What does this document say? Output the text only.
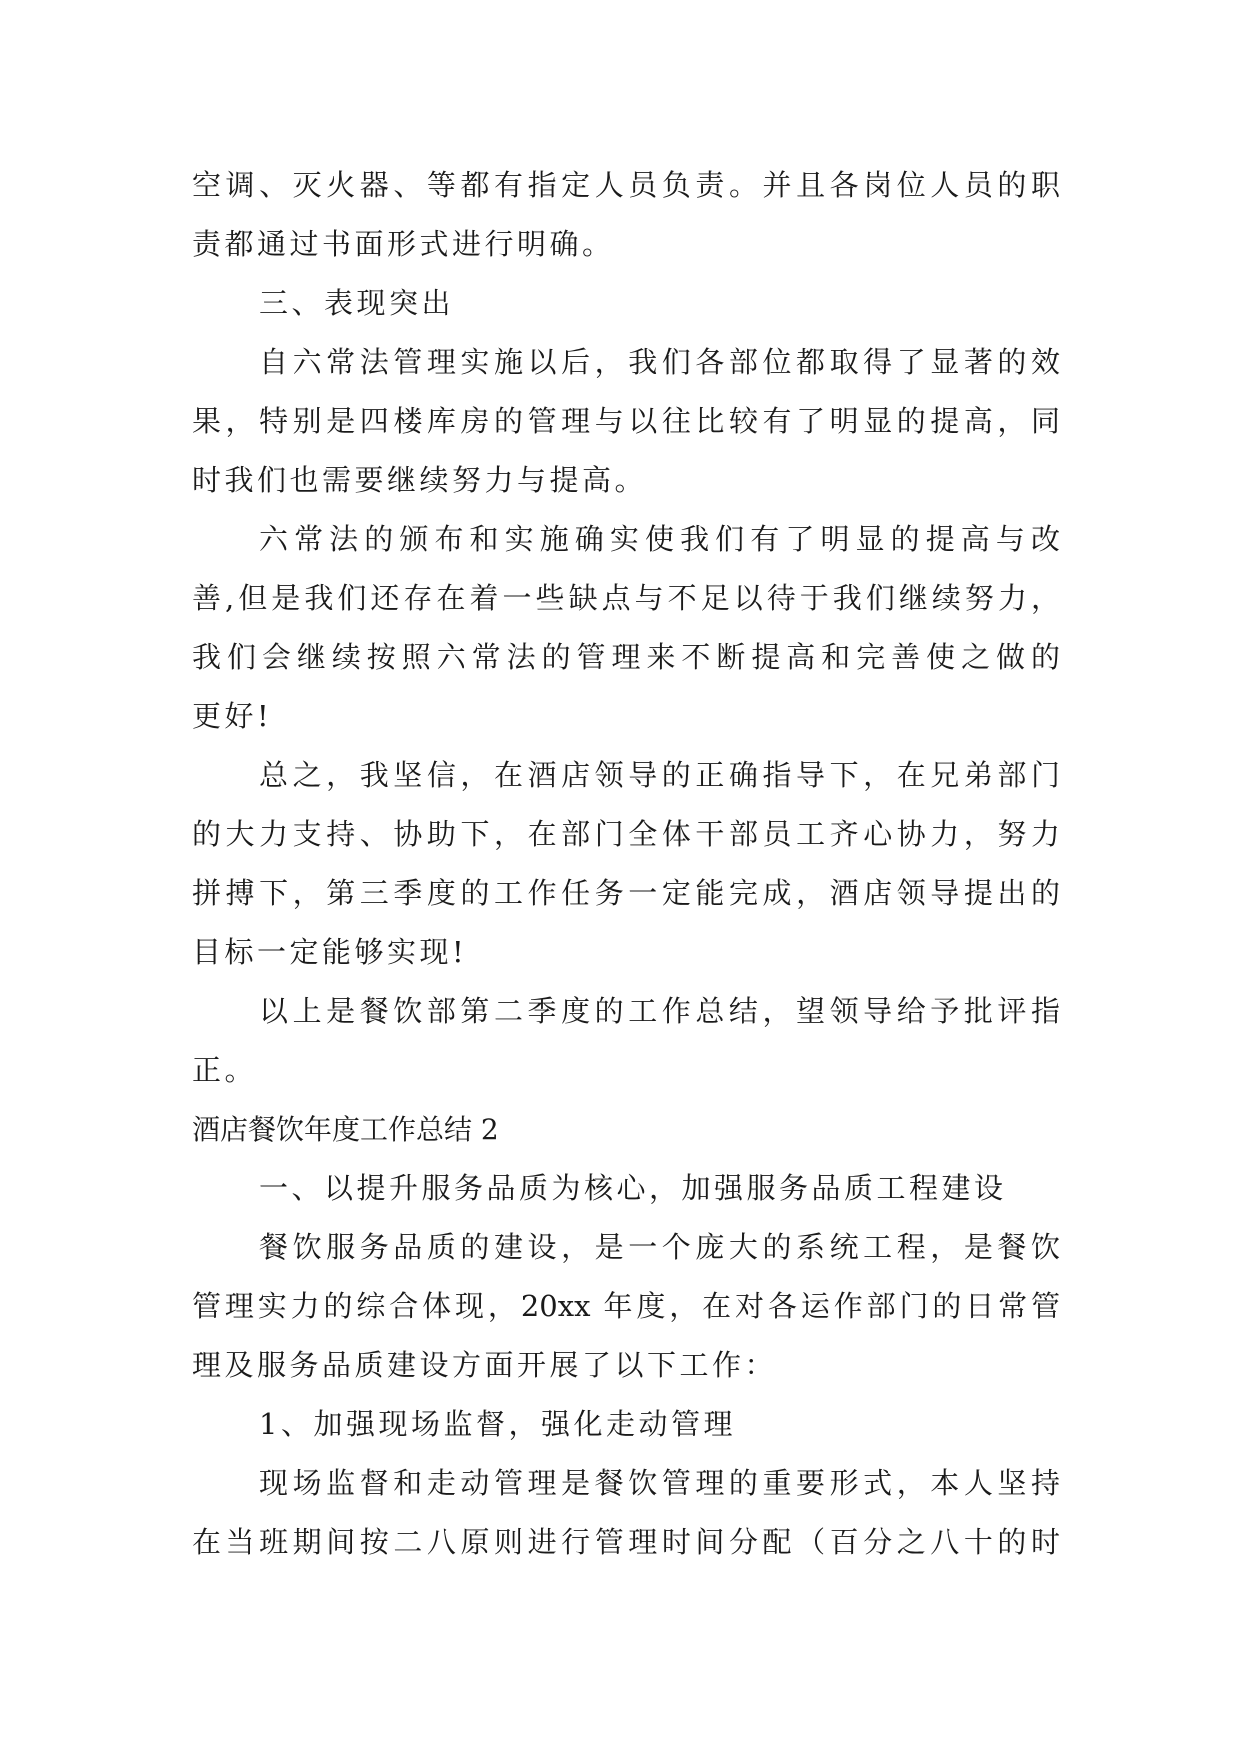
空调、灭火器、等都有指定人员负责。并且各岗位人员的职
责都通过书面形式进行明确。
三、表现突出
自六常法管理实施以后，我们各部位都取得了显著的效
果，特别是四楼库房的管理与以往比较有了明显的提高，同
时我们也需要继续努力与提高。
六常法的颁布和实施确实使我们有了明显的提高与改
善,但是我们还存在着一些缺点与不足以待于我们继续努力，
我们会继续按照六常法的管理来不断提高和完善使之做的
更好!
总之，我坚信，在酒店领导的正确指导下，在兄弟部门
的大力支持、协助下，在部门全体干部员工齐心协力，努力
拼搏下，第三季度的工作任务一定能完成，酒店领导提出的
目标一定能够实现!
以上是餐饮部第二季度的工作总结，望领导给予批评指
正。
酒店餐饮年度工作总结 2
一、以提升服务品质为核心，加强服务品质工程建设
餐饮服务品质的建设，是一个庞大的系统工程，是餐饮
管理实力的综合体现，20xx 年度，在对各运作部门的日常管
理及服务品质建设方面开展了以下工作：
1、加强现场监督，强化走动管理
现场监督和走动管理是餐饮管理的重要形式，本人坚持
在当班期间按二八原则进行管理时间分配（百分之八十的时
